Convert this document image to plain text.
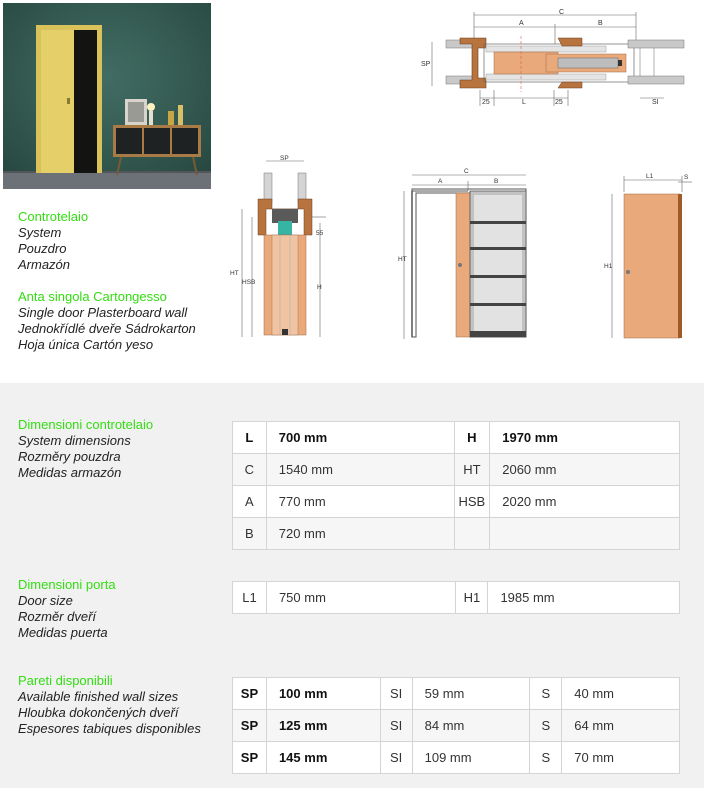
Controtelaio
System
Pouzdro
Armazón
Anta singola Cartongesso
Single door Plasterboard wall
Jednokřídlé dveře Sádrokarton
Hoja única Cartón yeso
C
A	B
SP
25	L	25	SI
SP
HT
HSB
55
H
C
A	B
HT
L1	S
H1
Dimensioni controtelaio
System dimensions
Rozměry pouzdra
Medidas armazón
L	700 mm	H	1970 mm
C	1540 mm	HT	2060 mm
A	770 mm	HSB	2020 mm
B	720 mm		
Dimensioni porta
Door size
Rozměr dveří
Medidas puerta
L1	750 mm	H1	1985 mm
Pareti disponibili
Available finished wall sizes
Hloubka dokončených dveří
Espesores tabiques disponibles
SP	100 mm	SI	59 mm	S	40 mm
SP	125 mm	SI	84 mm	S	64 mm
SP	145 mm	SI	109 mm	S	70 mm
